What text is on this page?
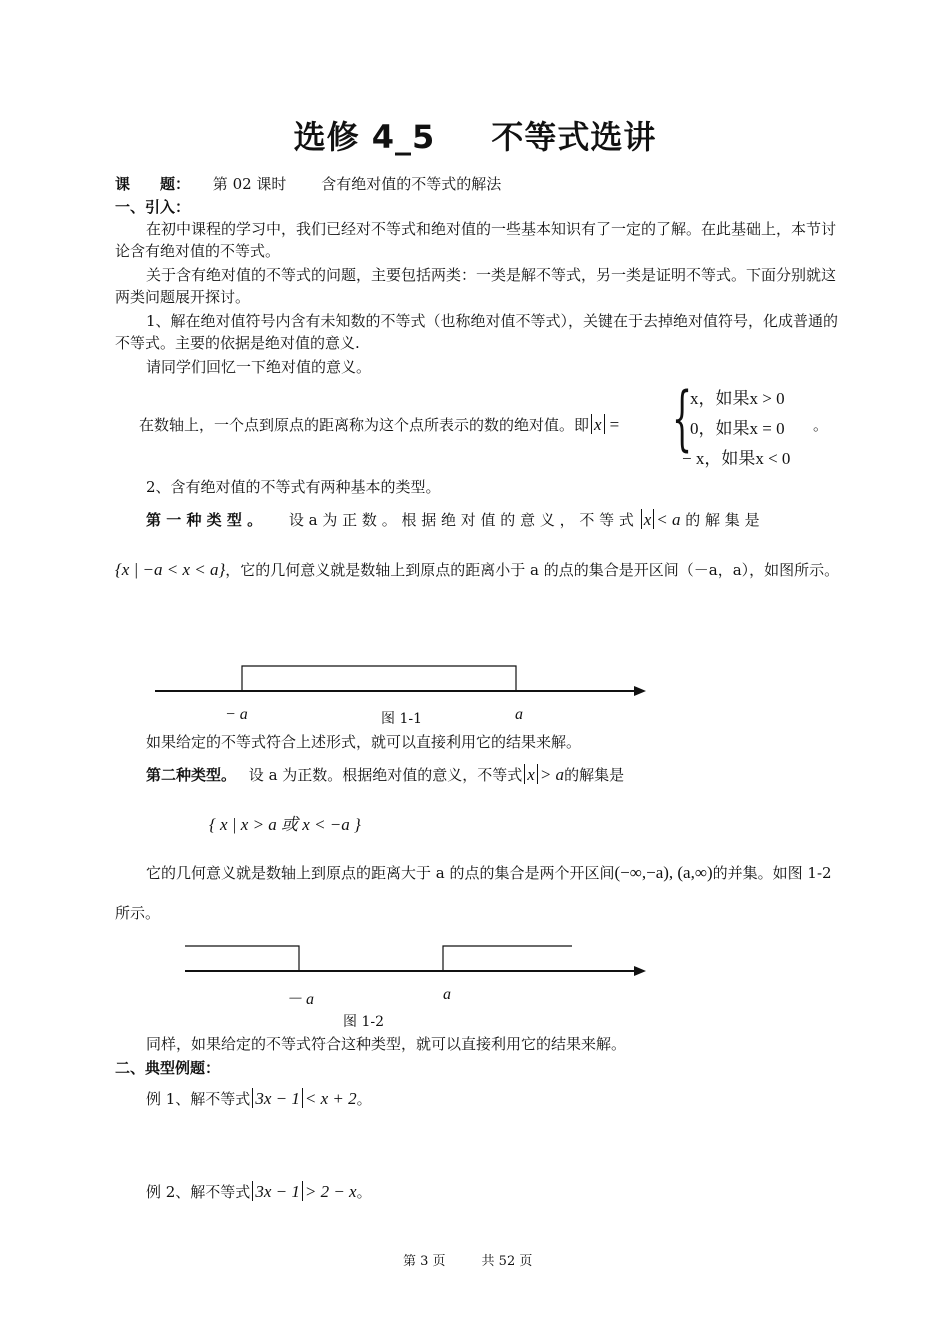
选修 4_5 不等式选讲
课　　题： 第 02 课时 含有绝对值的不等式的解法
一、引入：
在初中课程的学习中，我们已经对不等式和绝对值的一些基本知识有了一定的了解。在此基础上，本节讨论含有绝对值的不等式。
关于含有绝对值的不等式的问题，主要包括两类：一类是解不等式，另一类是证明不等式。下面分别就这两类问题展开探讨。
1、解在绝对值符号内含有未知数的不等式（也称绝对值不等式），关键在于去掉绝对值符号，化成普通的不等式。主要的依据是绝对值的意义.
请同学们回忆一下绝对值的意义。
在数轴上，一个点到原点的距离称为这个点所表示的数的绝对值。即 x = {
x，如果x > 0
0，如果x = 0
− x，如果x < 0
。
2、含有绝对值的不等式有两种基本的类型。
第 一 种 类 型 。 设 a 为 正 数 。 根 据 绝 对 值 的 意 义 ， 不 等 式 x < a 的 解 集 是
{x | −a < x < a}，它的几何意义就是数轴上到原点的距离小于 a 的点的集合是开区间（－a，a），如图所示。
− a	图 1-1	a
如果给定的不等式符合上述形式，就可以直接利用它的结果来解。
第二种类型。 设 a 为正数。根据绝对值的意义，不等式 x > a的解集是
{ x | x > a 或 x < −a }
它的几何意义就是数轴上到原点的距离大于 a 的点的集合是两个开区间(−∞,−a), (a,∞)的并集。如图 1-2 所示。
－ a	a
图 1-2
同样，如果给定的不等式符合这种类型，就可以直接利用它的结果来解。
二、典型例题：
例 1、解不等式 3x − 1 < x + 2。
例 2、解不等式 3x − 1 > 2 − x。
第 3 页	共 52 页
